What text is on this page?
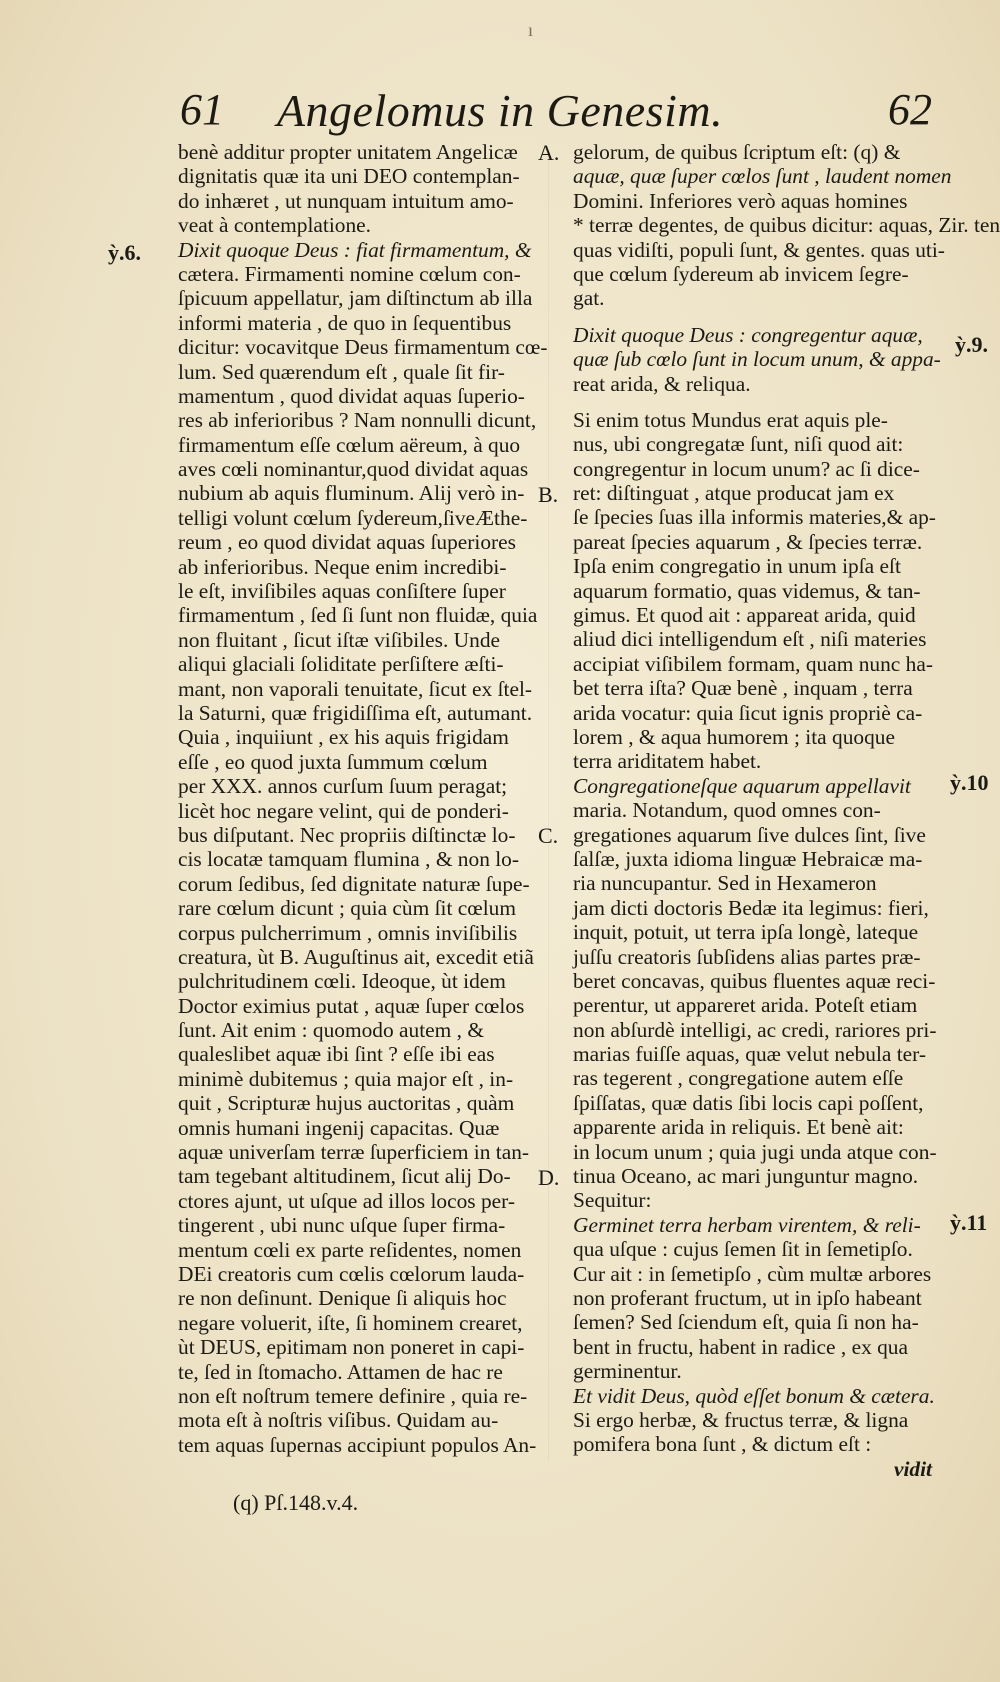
ı
61	Angelomus in Genesim.	62
benè additur propter unitatem Angelicæ
dignitatis quæ ita uni DEO contemplan-
do inhæret , ut nunquam intuitum amo-
veat à contemplatione.
Dixit quoque Deus : fiat firmamentum, &
cætera. Firmamenti nomine cœlum con-
ſpicuum appellatur, jam diſtinctum ab illa
informi materia , de quo in ſequentibus
dicitur: vocavitque Deus firmamentum cœ-
lum. Sed quærendum eſt , quale ſit fir-
mamentum , quod dividat aquas ſuperio-
res ab inferioribus ? Nam nonnulli dicunt,
firmamentum eſſe cœlum aëreum, à quo
aves cœli nominantur,quod dividat aquas
nubium ab aquis fluminum. Alij verò in-
telligi volunt cœlum ſydereum,ſiveÆthe-
reum , eo quod dividat aquas ſuperiores
ab inferioribus. Neque enim incredibi-
le eſt, inviſibiles aquas conſiſtere ſuper
firmamentum , ſed ſi ſunt non fluidæ, quia
non fluitant , ſicut iſtæ viſibiles. Unde
aliqui glaciali ſoliditate perſiſtere æſti-
mant, non vaporali tenuitate, ſicut ex ſtel-
la Saturni, quæ frigidiſſima eſt, autumant.
Quia , inquiiunt , ex his aquis frigidam
eſſe , eo quod juxta ſummum cœlum
per XXX. annos curſum ſuum peragat;
licèt hoc negare velint, qui de ponderi-
bus diſputant. Nec propriis diſtinctæ lo-
cis locatæ tamquam flumina , & non lo-
corum ſedibus, ſed dignitate naturæ ſupe-
rare cœlum dicunt ; quia cùm ſit cœlum
corpus pulcherrimum , omnis inviſibilis
creatura, ùt B. Auguſtinus ait, excedit etiã
pulchritudinem cœli. Ideoque, ùt idem
Doctor eximius putat , aquæ ſuper cœlos
ſunt. Ait enim : quomodo autem , &
qualeslibet aquæ ibi ſint ? eſſe ibi eas
minimè dubitemus ; quia major eſt , in-
quit , Scripturæ hujus auctoritas , quàm
omnis humani ingenij capacitas. Quæ
aquæ univerſam terræ ſuperficiem in tan-
tam tegebant altitudinem, ſicut alij Do-
ctores ajunt, ut uſque ad illos locos per-
tingerent , ubi nunc uſque ſuper firma-
mentum cœli ex parte reſidentes, nomen
DEi creatoris cum cœlis cœlorum lauda-
re non deſinunt. Denique ſi aliquis hoc
negare voluerit, iſte, ſi hominem crearet,
ùt DEUS, epitimam non poneret in capi-
te, ſed in ſtomacho. Attamen de hac re
non eſt noſtrum temere definire , quia re-
mota eſt à noſtris viſibus. Quidam au-
tem aquas ſupernas accipiunt populos An-
gelorum, de quibus ſcriptum eſt: (q) &
aquæ, quæ ſuper cœlos ſunt , laudent nomen
Domini. Inferiores verò aquas homines
* terræ degentes, de quibus dicitur: aquas, Zir. ten
quas vidiſti, populi ſunt, & gentes. quas uti-
que cœlum ſydereum ab invicem ſegre-
gat.
Dixit quoque Deus : congregentur aquæ,
quæ ſub cœlo ſunt in locum unum, & appa-
reat arida, & reliqua.
Si enim totus Mundus erat aquis ple-
nus, ubi congregatæ ſunt, niſi quod ait:
congregentur in locum unum? ac ſi dice-
ret: diſtinguat , atque producat jam ex
ſe ſpecies ſuas illa informis materies,& ap-
pareat ſpecies aquarum , & ſpecies terræ.
Ipſa enim congregatio in unum ipſa eſt
aquarum formatio, quas videmus, & tan-
gimus. Et quod ait : appareat arida, quid
aliud dici intelligendum eſt , niſi materies
accipiat viſibilem formam, quam nunc ha-
bet terra iſta? Quæ benè , inquam , terra
arida vocatur: quia ſicut ignis propriè ca-
lorem , & aqua humorem ; ita quoque
terra ariditatem habet.
Congregationeſque aquarum appellavit
maria. Notandum, quod omnes con-
gregationes aquarum ſive dulces ſint, ſive
ſalſæ, juxta idioma linguæ Hebraicæ ma-
ria nuncupantur. Sed in Hexameron
jam dicti doctoris Bedæ ita legimus: fieri,
inquit, potuit, ut terra ipſa longè, lateque
juſſu creatoris ſubſidens alias partes præ-
beret concavas, quibus fluentes aquæ reci-
perentur, ut appareret arida. Poteſt etiam
non abſurdè intelligi, ac credi, rariores pri-
marias fuiſſe aquas, quæ velut nebula ter-
ras tegerent , congregatione autem eſſe
ſpiſſatas, quæ datis ſibi locis capi poſſent,
apparente arida in reliquis. Et benè ait:
in locum unum ; quia jugi unda atque con-
tinua Oceano, ac mari junguntur magno.
Sequitur:
Germinet terra herbam virentem, & reli-
qua uſque : cujus ſemen ſit in ſemetipſo.
Cur ait : in ſemetipſo , cùm multæ arbores
non proferant fructum, ut in ipſo habeant
ſemen? Sed ſciendum eſt, quia ſi non ha-
bent in fructu, habent in radice , ex qua
germinentur.
Et vidit Deus, quòd eſſet bonum & cætera.
Si ergo herbæ, & fructus terræ, & ligna
pomifera bona ſunt , & dictum eſt :
vidit
ỳ.6.
ỳ.9.
ỳ.10
ỳ.11
A.
B.
C.
D.
(q) Pſ.148.v.4.
